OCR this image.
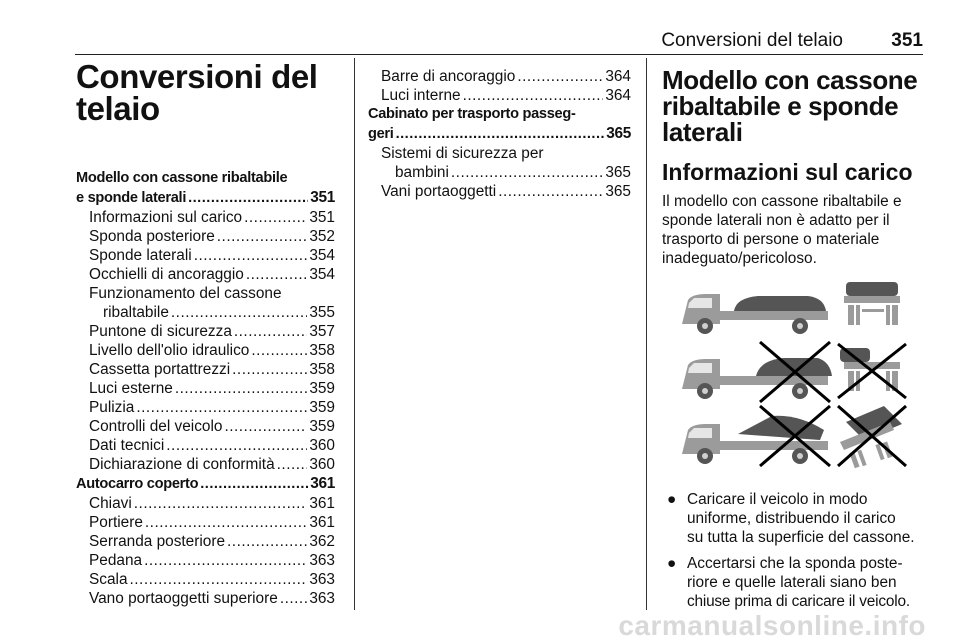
Conversioni del telaio	351
Conversioni del
telaio
Modello con cassone ribaltabile
e sponde laterali .....	351
Informazioni sul carico .....	351
Sponda posteriore .....	352
Sponde laterali .....	354
Occhielli di ancoraggio .....	354
Funzionamento del cassone
ribaltabile .....	355
Puntone di sicurezza .....	357
Livello dell'olio idraulico .....	358
Cassetta portattrezzi .....	358
Luci esterne .....	359
Pulizia .....	359
Controlli del veicolo .....	359
Dati tecnici .....	360
Dichiarazione di conformità ..... 360
Autocarro coperto .....	361
Chiavi .....	361
Portiere .....	361
Serranda posteriore .....	362
Pedana .....	363
Scala .....	363
Vano portaoggetti superiore ..... 363
Barre di ancoraggio .....	364
Luci interne .....	364
Cabinato per trasporto passeg-
geri .....	365
Sistemi di sicurezza per
bambini .....	365
Vani portaoggetti .....	365
Modello con cassone
ribaltabile e sponde
laterali
Informazioni sul carico
Il modello con cassone ribaltabile e
sponde laterali non è adatto per il
trasporto di persone o materiale
inadeguato/pericoloso.
● Caricare il veicolo in modo
uniforme, distribuendo il carico
su tutta la superficie del cassone.
● Accertarsi che la sponda poste-
riore e quelle laterali siano ben
chiuse prima di caricare il veicolo.
carmanualsonline.info
